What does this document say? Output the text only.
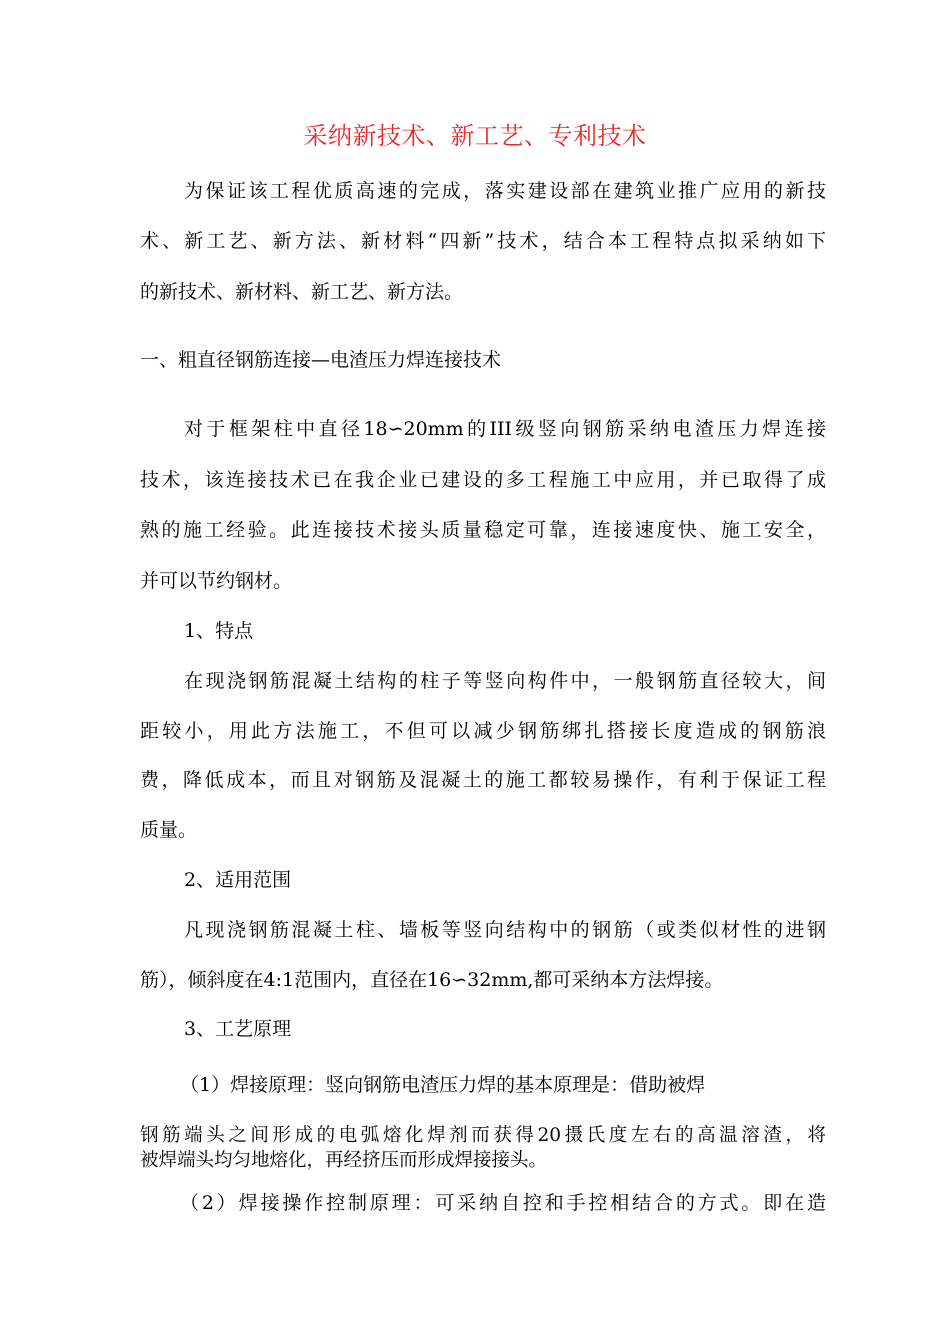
采纳新技术、新工艺、专利技术
为保证该工程优质高速的完成，落实建设部在建筑业推广应用的新技
术、新工艺、新方法、新材料“四新”技术，结合本工程特点拟采纳如下
的新技术、新材料、新工艺、新方法。
一、粗直径钢筋连接—电渣压力焊连接技术
对于框架柱中直径18∽20mm的III级竖向钢筋采纳电渣压力焊连接
技术，该连接技术已在我企业已建设的多工程施工中应用，并已取得了成
熟的施工经验。此连接技术接头质量稳定可靠，连接速度快、施工安全，
并可以节约钢材。
1、特点
在现浇钢筋混凝土结构的柱子等竖向构件中，一般钢筋直径较大，间
距较小，用此方法施工，不但可以减少钢筋绑扎搭接长度造成的钢筋浪
费，降低成本，而且对钢筋及混凝土的施工都较易操作，有利于保证工程
质量。
2、适用范围
凡现浇钢筋混凝土柱、墙板等竖向结构中的钢筋（或类似材性的进钢
筋），倾斜度在4:1范围内，直径在16∽32mm,都可采纳本方法焊接。
3、工艺原理
（1）焊接原理：竖向钢筋电渣压力焊的基本原理是：借助被焊
钢筋端头之间形成的电弧熔化焊剂而获得20摄氏度左右的高温溶渣，将
被焊端头均匀地熔化，再经挤压而形成焊接接头。
（2）焊接操作控制原理：可采纳自控和手控相结合的方式。即在造
